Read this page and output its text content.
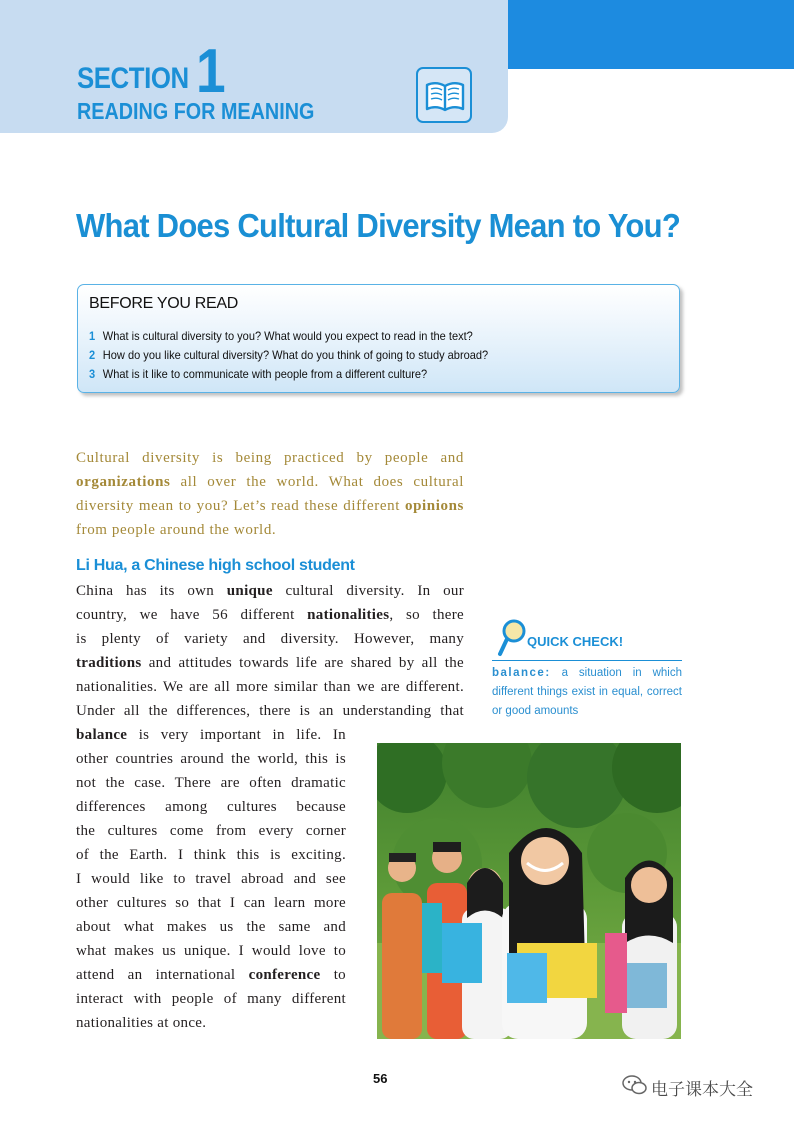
SECTION 1
READING FOR MEANING
What Does Cultural Diversity Mean to You?
BEFORE YOU READ
1 What is cultural diversity to you? What would you expect to read in the text?
2 How do you like cultural diversity? What do you think of going to study abroad?
3 What is it like to communicate with people from a different culture?
Cultural diversity is being practiced by people and
organizations all over the world. What does cultural
diversity mean to you? Let’s read these different opinions
from people around the world.
Li Hua, a Chinese high school student
China has its own unique cultural diversity. In our
country, we have 56 different nationalities, so there
is plenty of variety and diversity. However, many
traditions and attitudes towards life are shared by all the
nationalities. We are all more similar than we are different.
Under all the differences, there is an understanding that
balance is very important in life. In
other countries around the world, this is
not the case. There are often dramatic
differences among cultures because
the cultures come from every corner
of the Earth. I think this is exciting.
I would like to travel abroad and see
other cultures so that I can learn more
about what makes us the same and
what makes us unique. I would love to
attend an international conference to
interact with people of many different
nationalities at once.
QUICK CHECK!
balance: a situation in which different things exist in equal, correct or good amounts
56
电子课本大全
